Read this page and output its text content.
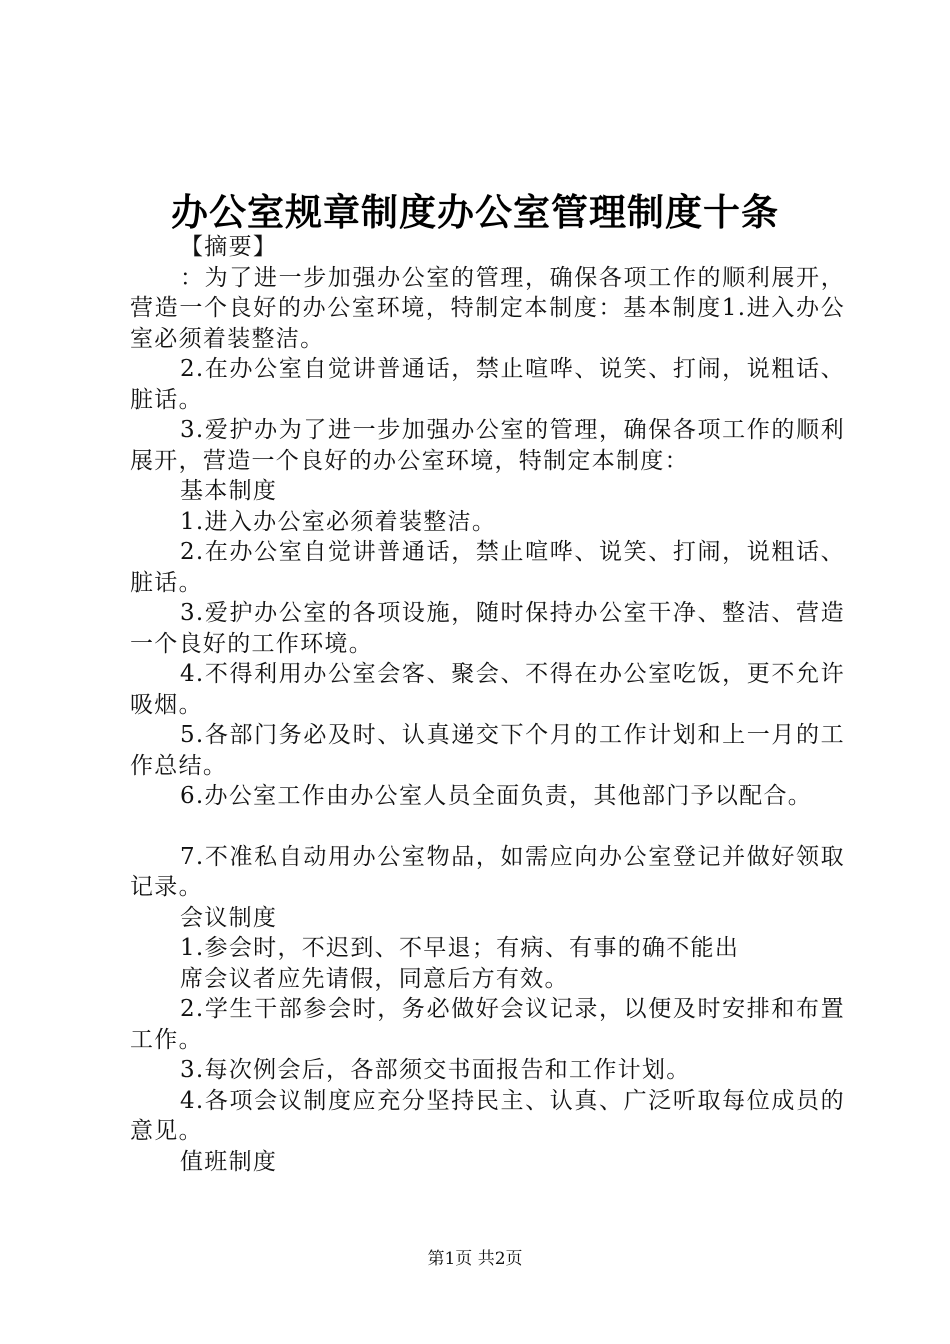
办公室规章制度办公室管理制度十条

【摘要】

：为了进一步加强办公室的管理，确保各项工作的顺利展开，营造一个良好的办公室环境，特制定本制度：基本制度1.进入办公室必须着装整洁。

2.在办公室自觉讲普通话，禁止喧哗、说笑、打闹，说粗话、脏话。

3.爱护办为了进一步加强办公室的管理，确保各项工作的顺利展开，营造一个良好的办公室环境，特制定本制度：

基本制度

1.进入办公室必须着装整洁。

2.在办公室自觉讲普通话，禁止喧哗、说笑、打闹，说粗话、脏话。

3.爱护办公室的各项设施，随时保持办公室干净、整洁、营造一个良好的工作环境。

4.不得利用办公室会客、聚会、不得在办公室吃饭，更不允许吸烟。

5.各部门务必及时、认真递交下个月的工作计划和上一月的工作总结。

6.办公室工作由办公室人员全面负责，其他部门予以配合。

7.不准私自动用办公室物品，如需应向办公室登记并做好领取记录。

会议制度

1.参会时，不迟到、不早退；有病、有事的确不能出

席会议者应先请假，同意后方有效。

2.学生干部参会时，务必做好会议记录，以便及时安排和布置工作。

3.每次例会后，各部须交书面报告和工作计划。

4.各项会议制度应充分坚持民主、认真、广泛听取每位成员的意见。

值班制度

第1页 共2页
